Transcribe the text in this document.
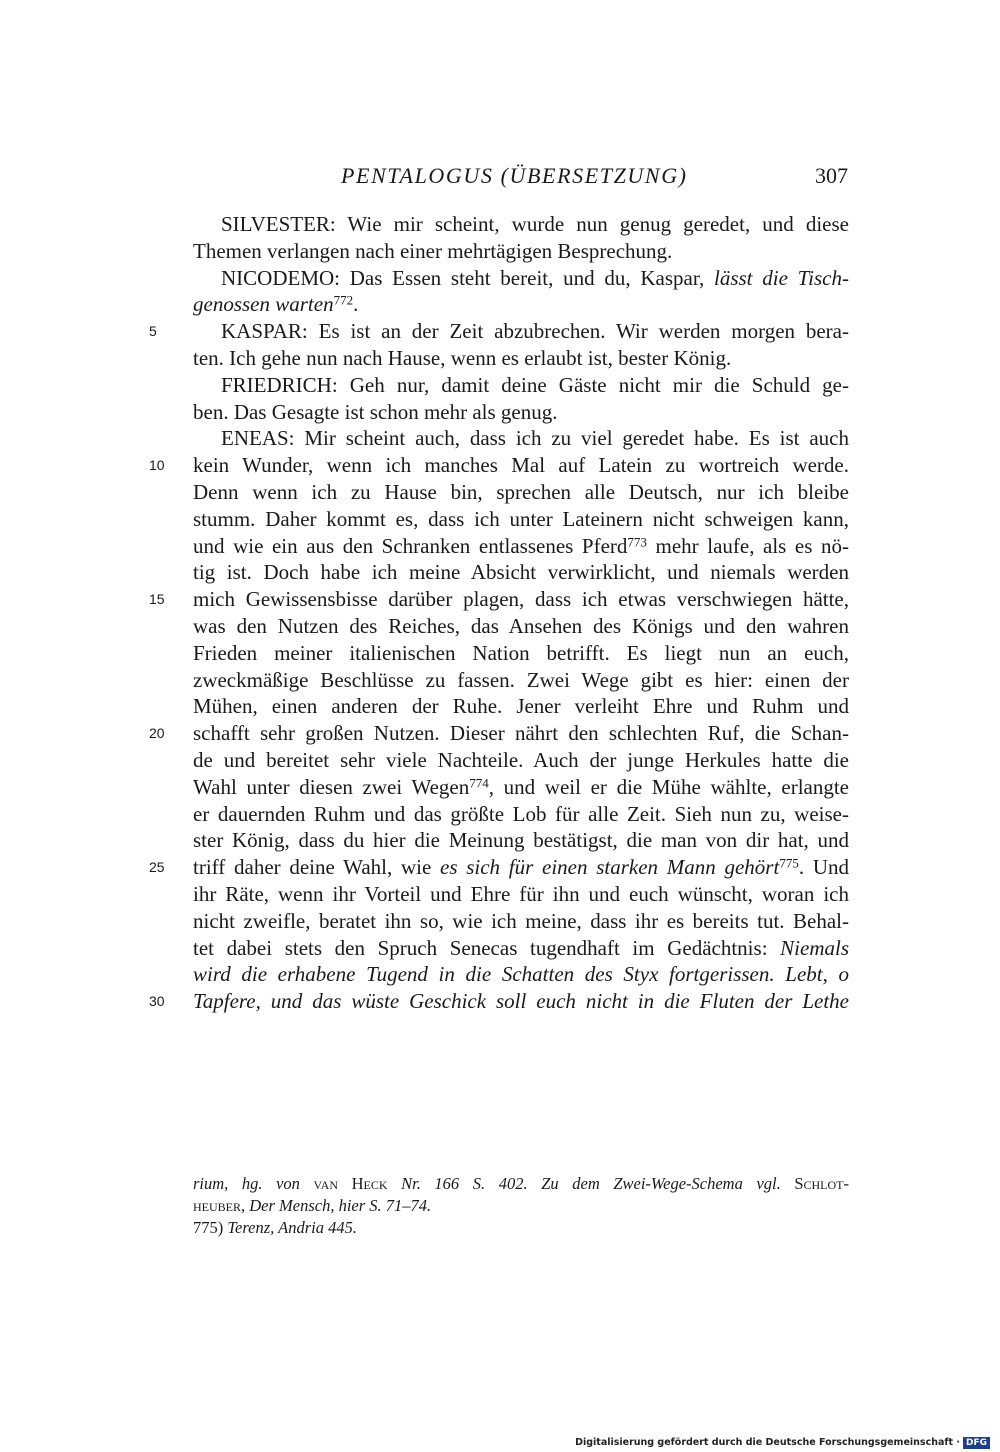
PENTALOGUS (ÜBERSETZUNG)	307
SILVESTER: Wie mir scheint, wurde nun genug geredet, und diese
Themen verlangen nach einer mehrtägigen Besprechung.
NICODEMO: Das Essen steht bereit, und du, Kaspar, lässt die Tisch-
genossen warten$^{772}$.
5	KASPAR: Es ist an der Zeit abzubrechen. Wir werden morgen bera-
ten. Ich gehe nun nach Hause, wenn es erlaubt ist, bester König.
FRIEDRICH: Geh nur, damit deine Gäste nicht mir die Schuld ge-
ben. Das Gesagte ist schon mehr als genug.
ENEAS: Mir scheint auch, dass ich zu viel geredet habe. Es ist auch
10	kein Wunder, wenn ich manches Mal auf Latein zu wortreich werde.
Denn wenn ich zu Hause bin, sprechen alle Deutsch, nur ich bleibe
stumm. Daher kommt es, dass ich unter Lateinern nicht schweigen kann,
und wie ein aus den Schranken entlassenes Pferd$^{773}$ mehr laufe, als es nö-
tig ist. Doch habe ich meine Absicht verwirklicht, und niemals werden
15	mich Gewissensbisse darüber plagen, dass ich etwas verschwiegen hätte,
was den Nutzen des Reiches, das Ansehen des Königs und den wahren
Frieden meiner italienischen Nation betrifft. Es liegt nun an euch,
zweckmäßige Beschlüsse zu fassen. Zwei Wege gibt es hier: einen der
Mühen, einen anderen der Ruhe. Jener verleiht Ehre und Ruhm und
20	schafft sehr großen Nutzen. Dieser nährt den schlechten Ruf, die Schan-
de und bereitet sehr viele Nachteile. Auch der junge Herkules hatte die
Wahl unter diesen zwei Wegen$^{774}$, und weil er die Mühe wählte, erlangte
er dauernden Ruhm und das größte Lob für alle Zeit. Sieh nun zu, weise-
ster König, dass du hier die Meinung bestätigst, die man von dir hat, und
25	triff daher deine Wahl, wie es sich für einen starken Mann gehört$^{775}$. Und
ihr Räte, wenn ihr Vorteil und Ehre für ihn und euch wünscht, woran ich
nicht zweifle, beratet ihn so, wie ich meine, dass ihr es bereits tut. Behal-
tet dabei stets den Spruch Senecas tugendhaft im Gedächtnis: Niemals
wird die erhabene Tugend in die Schatten des Styx fortgerissen. Lebt, o
30	Tapfere, und das wüste Geschick soll euch nicht in die Fluten der Lethe
rium, hg. von van Heck Nr. 166 S. 402. Zu dem Zwei-Wege-Schema vgl. Schlot-
heuber, Der Mensch, hier S. 71–74.
775) Terenz, Andria 445.
Digitalisierung gefördert durch die Deutsche Forschungsgemeinschaft · DFG
